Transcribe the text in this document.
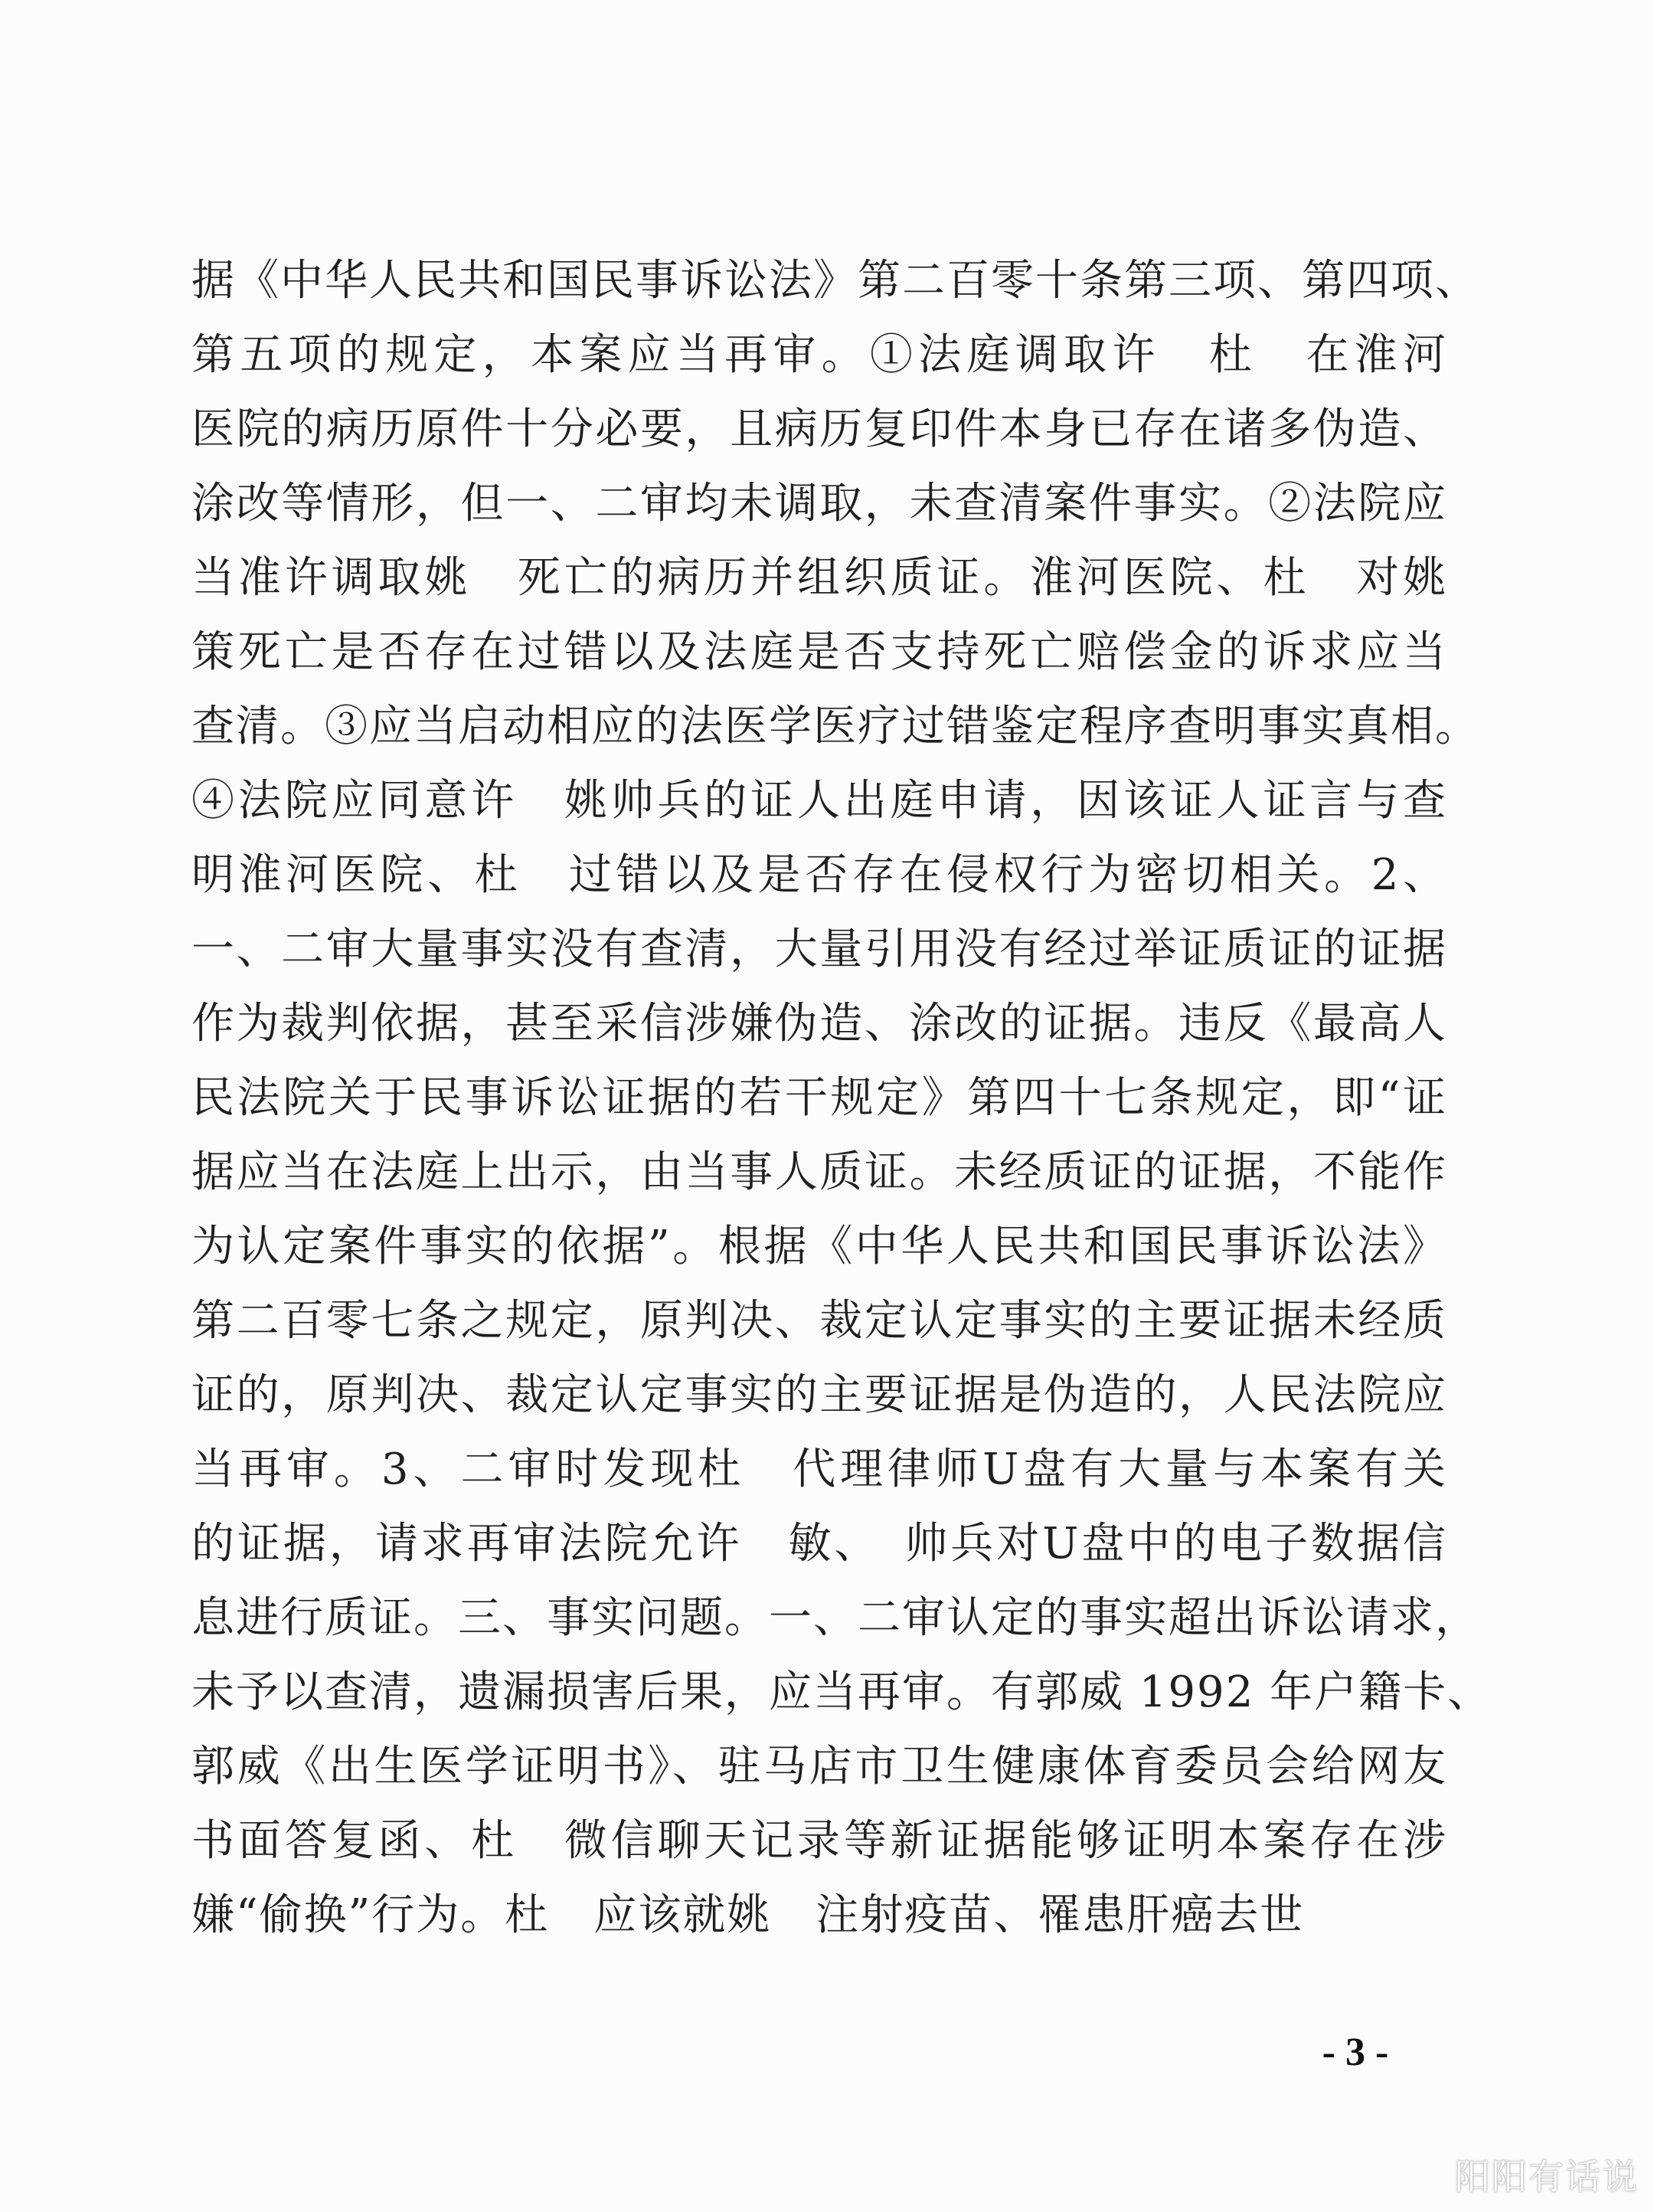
据《中华人民共和国民事诉讼法》第二百零十条第三项、第四项、
第五项的规定，本案应当再审。①法庭调取许　杜　在淮河
医院的病历原件十分必要，且病历复印件本身已存在诸多伪造、
涂改等情形，但一、二审均未调取，未查清案件事实。②法院应
当准许调取姚　死亡的病历并组织质证。淮河医院、杜　对姚
策死亡是否存在过错以及法庭是否支持死亡赔偿金的诉求应当
查清。③应当启动相应的法医学医疗过错鉴定程序查明事实真相。
④法院应同意许　姚帅兵的证人出庭申请，因该证人证言与查
明淮河医院、杜　过错以及是否存在侵权行为密切相关。2、
一、二审大量事实没有查清，大量引用没有经过举证质证的证据
作为裁判依据，甚至采信涉嫌伪造、涂改的证据。违反《最高人
民法院关于民事诉讼证据的若干规定》第四十七条规定，即“证
据应当在法庭上出示，由当事人质证。未经质证的证据，不能作
为认定案件事实的依据”。根据《中华人民共和国民事诉讼法》
第二百零七条之规定，原判决、裁定认定事实的主要证据未经质
证的，原判决、裁定认定事实的主要证据是伪造的，人民法院应
当再审。3、二审时发现杜　代理律师U盘有大量与本案有关
的证据，请求再审法院允许　敏、　帅兵对U盘中的电子数据信
息进行质证。三、事实问题。一、二审认定的事实超出诉讼请求，
未予以查清，遗漏损害后果，应当再审。有郭威 1992 年户籍卡、
郭威《出生医学证明书》、驻马店市卫生健康体育委员会给网友
书面答复函、杜　微信聊天记录等新证据能够证明本案存在涉
嫌“偷换”行为。杜　应该就姚　注射疫苗、罹患肝癌去世
- 3 -
阳阳有话说
